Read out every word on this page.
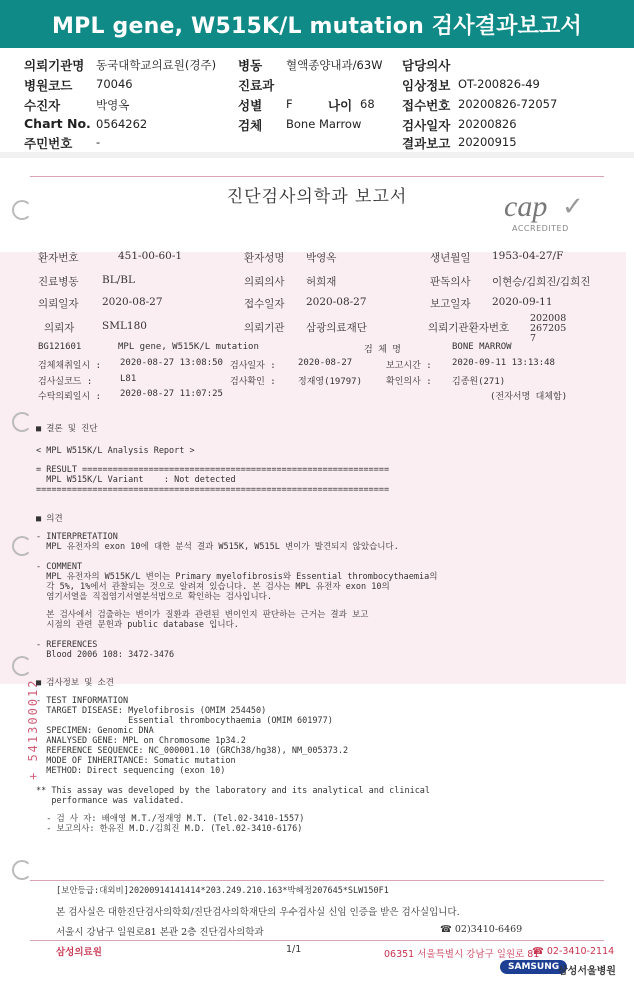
MPL gene, W515K/L mutation 검사결과보고서
의뢰기관명 동국대학교의료원(경주)
병원코드 70046
수진자	박영옥
Chart No. 0564262
주민번호 -
병동 혈액종양내과/63W
진료과
성별 F	나이 68
검체 Bone Marrow
담당의사
임상정보 OT-200826-49
접수번호 20200826-72057
검사일자 20200826
결과보고 20200915
+ 541300012
진단검사의학과 보고서	cap ✓
ACCREDITED
환자번호	451-00-60-1	환자성명 박영옥	생년월일 1953-04-27/F
진료병동 BL/BL	의뢰의사 허희재	판독의사 이현승/김희진/김희진
의뢰일자 2020-08-27	접수일자 2020-08-27	보고일자 2020-09-11
의뢰자	SML180	의뢰기관 삼광의료재단	의뢰기관환자번호
2020082672057
BG121601	MPL gene, W515K/L mutation	검 체 명	BONE MARROW
검체채취일시 : 2020-08-27 13:08:50 검사일자 : 2020-08-27	보고시간 : 2020-09-11 13:13:48
검사실코드 :	L81	검사확인 : 정재영(19797)	확인의사 : 김종원(271)
수탁의뢰일시 : 2020-08-27 11:07:25	(전자서명 대체함)
■ 결론 및 진단
< MPL W515K/L Analysis Report >
= RESULT ============================================================
MPL W515K/L Variant    : Not detected
=====================================================================
■ 의견
- INTERPRETATION
MPL 유전자의 exon 10에 대한 분석 결과 W515K, W515L 변이가 발견되지 않았습니다.
- COMMENT
MPL 유전자의 W515K/L 변이는 Primary myelofibrosis와 Essential thrombocythaemia의
각 5%, 1%에서 관찰되는 것으로 알려져 있습니다. 본 검사는 MPL 유전자 exon 10의
염기서열을 직접염기서열분석법으로 확인하는 검사입니다.
본 검사에서 검출하는 변이가 질환과 관련된 변이인지 판단하는 근거는 결과 보고
시점의 관련 문헌과 public database 입니다.
- REFERENCES
Blood 2006 108: 3472-3476
■ 검사정보 및 소견
- TEST INFORMATION
TARGET DISEASE: Myelofibrosis (OMIM 254450)
Essential thrombocythaemia (OMIM 601977)
SPECIMEN: Genomic DNA
ANALYSED GENE: MPL on Chromosome 1p34.2
REFERENCE SEQUENCE: NC_000001.10 (GRCh38/hg38), NM_005373.2
MODE OF INHERITANCE: Somatic mutation
METHOD: Direct sequencing (exon 10)
** This assay was developed by the laboratory and its analytical and clinical
performance was validated.
- 검 사 자: 배애영 M.T./정재영 M.T. (Tel.02-3410-1557)
- 보고의사: 한유진 M.D./김희진 M.D. (Tel.02-3410-6176)
[보안등급:대외비]20200914141414*203.249.210.163*박혜정207645*SLW150F1
본 검사실은 대한진단검사의학회/진단검사의학재단의 우수검사실 신임 인증을 받은 검사실입니다.
서울시 강남구 일원로81 본관 2층 진단검사의학과	☎ 02)3410-6469
삼성의료원	1/1	06351 서울특별시 강남구 일원로 81
☎ 02-3410-2114
SAMSUNG
삼성서울병원
